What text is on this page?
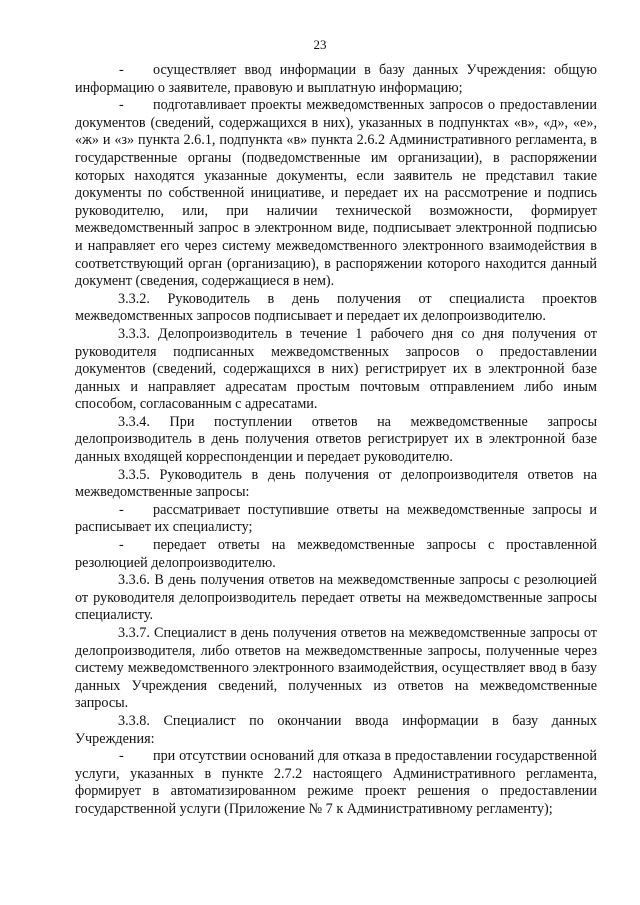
23

- осуществляет ввод информации в базу данных Учреждения: общую информацию о заявителе, правовую и выплатную информацию;

- подготавливает проекты межведомственных запросов о предоставлении документов (сведений, содержащихся в них), указанных в подпунктах «в», «д», «е», «ж» и «з» пункта 2.6.1, подпункта «в» пункта 2.6.2 Административного регламента, в государственные органы (подведомственные им организации), в распоряжении которых находятся указанные документы, если заявитель не представил такие документы по собственной инициативе, и передает их на рассмотрение и подпись руководителю, или, при наличии технической возможности, формирует межведомственный запрос в электронном виде, подписывает электронной подписью и направляет его через систему межведомственного электронного взаимодействия в соответствующий орган (организацию), в распоряжении которого находится данный документ (сведения, содержащиеся в нем).

3.3.2. Руководитель в день получения от специалиста проектов межведомственных запросов подписывает и передает их делопроизводителю.

3.3.3. Делопроизводитель в течение 1 рабочего дня со дня получения от руководителя подписанных межведомственных запросов о предоставлении документов (сведений, содержащихся в них) регистрирует их в электронной базе данных и направляет адресатам простым почтовым отправлением либо иным способом, согласованным с адресатами.

3.3.4. При поступлении ответов на межведомственные запросы делопроизводитель в день получения ответов регистрирует их в электронной базе данных входящей корреспонденции и передает руководителю.

3.3.5. Руководитель в день получения от делопроизводителя ответов на межведомственные запросы:

- рассматривает поступившие ответы на межведомственные запросы и расписывает их специалисту;

- передает ответы на межведомственные запросы с проставленной резолюцией делопроизводителю.

3.3.6. В день получения ответов на межведомственные запросы с резолюцией от руководителя делопроизводитель передает ответы на межведомственные запросы специалисту.

3.3.7. Специалист в день получения ответов на межведомственные запросы от делопроизводителя, либо ответов на межведомственные запросы, полученные через систему межведомственного электронного взаимодействия, осуществляет ввод в базу данных Учреждения сведений, полученных из ответов на межведомственные запросы.

3.3.8. Специалист по окончании ввода информации в базу данных Учреждения:

- при отсутствии оснований для отказа в предоставлении государственной услуги, указанных в пункте 2.7.2 настоящего Административного регламента, формирует в автоматизированном режиме проект решения о предоставлении государственной услуги (Приложение № 7 к Административному регламенту);
